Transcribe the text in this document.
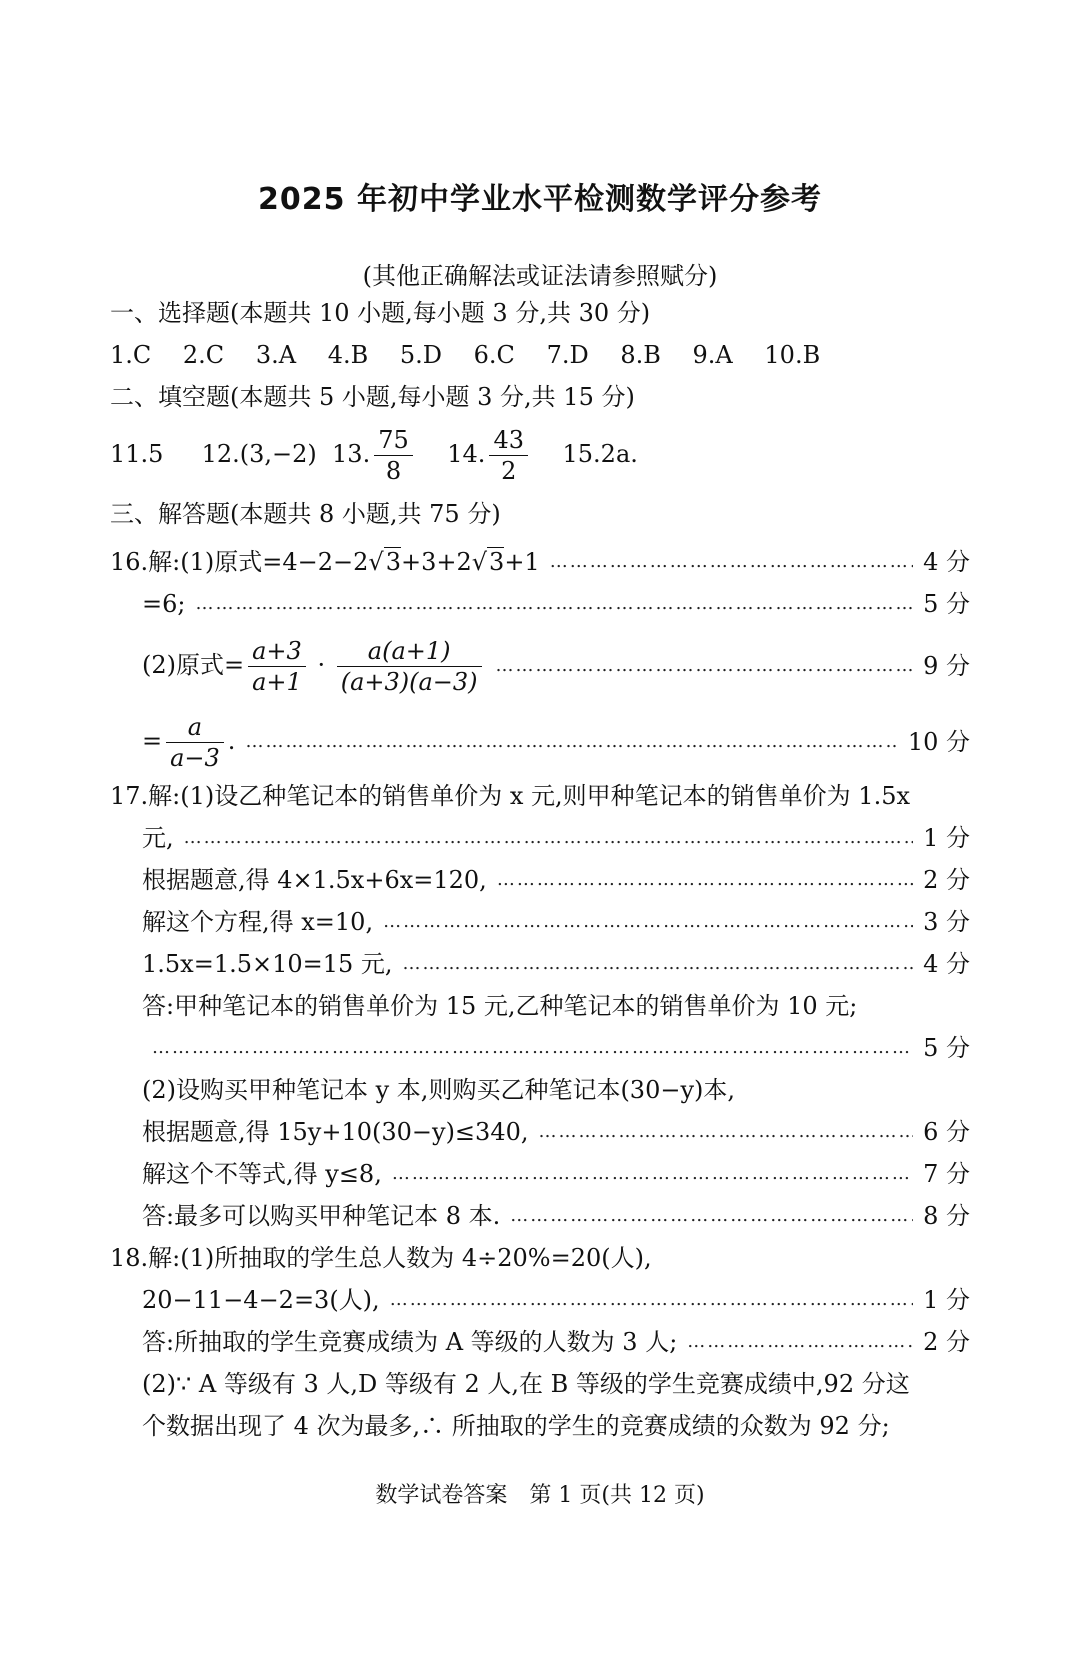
2025 年初中学业水平检测数学评分参考
(其他正确解法或证法请参照赋分)
一、选择题(本题共 10 小题,每小题 3 分,共 30 分)
1.C 2.C 3.A 4.B 5.D 6.C 7.D 8.B 9.A 10.B
二、填空题(本题共 5 小题,每小题 3 分,共 15 分)
11.5 12.(3,−2) 13. $\frac{75}{8} 14$. $\frac{43}{2} 15.2a$.
三、解答题(本题共 8 小题,共 75 分)
16.解:(1)原式=4−2−2√3+3+2√3+1 ……………………………………………………………………………………………………………………………	4 分
=6; ……………………………………………………………………………………………………………………………	5 分
(2)原式= $\frac{a+3}{a+1} \cdot \frac{a(a+1)}{(a+3)(a-3)}$ ……………………………………………………………………………………………………………………………	9 分
= $\frac{a}{a-3}$ . ……………………………………………………………………………………………………………………………	10 分
17.解:(1)设乙种笔记本的销售单价为 x 元,则甲种笔记本的销售单价为 1.5x
元, ……………………………………………………………………………………………………………………………	1 分
根据题意,得 4×1.5x+6x=120, ……………………………………………………………………………………………………………………………	2 分
解这个方程,得 x=10, ……………………………………………………………………………………………………………………………	3 分
1.5x=1.5×10=15 元, ……………………………………………………………………………………………………………………………	4 分
答:甲种笔记本的销售单价为 15 元,乙种笔记本的销售单价为 10 元;
……………………………………………………………………………………………………………………………
5 分
(2)设购买甲种笔记本 y 本,则购买乙种笔记本(30−y)本,
根据题意,得 15y+10(30−y)≤340, ……………………………………………………………………………………………………………………………	6 分
解这个不等式,得 y≤8, ……………………………………………………………………………………………………………………………	7 分
答:最多可以购买甲种笔记本 8 本. ……………………………………………………………………………………………………………………………	8 分
18.解:(1)所抽取的学生总人数为 4÷20%=20(人),
20−11−4−2=3(人), ……………………………………………………………………………………………………………………………	1 分
答:所抽取的学生竞赛成绩为 A 等级的人数为 3 人; ……………………………………………………………………………………………………………………………	2 分
(2)∵ A 等级有 3 人,D 等级有 2 人,在 B 等级的学生竞赛成绩中,92 分这
个数据出现了 4 次为最多,∴ 所抽取的学生的竞赛成绩的众数为 92 分;
数学试卷答案　第 1 页(共 12 页)
